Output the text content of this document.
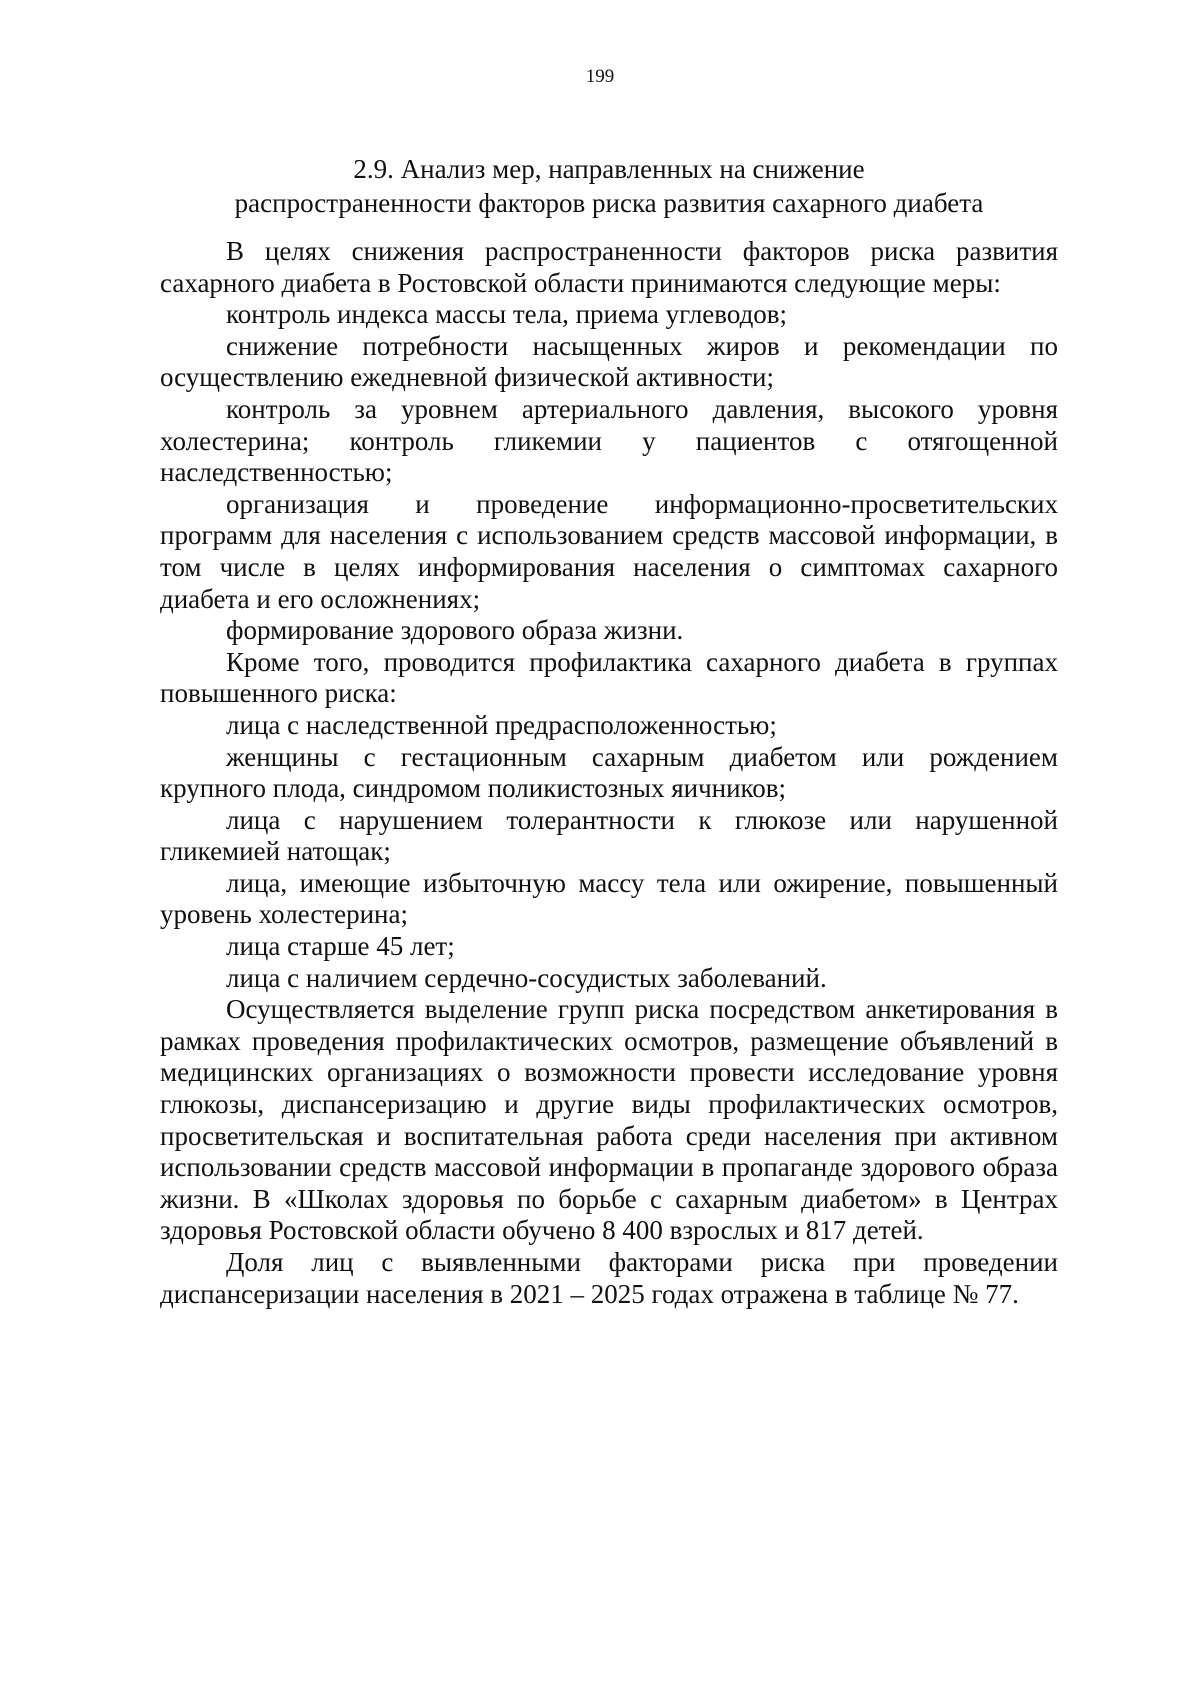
199
2.9. Анализ мер, направленных на снижение
распространенности факторов риска развития сахарного диабета

В целях снижения распространенности факторов риска развития сахарного диабета в Ростовской области принимаются следующие меры:

контроль индекса массы тела, приема углеводов;

снижение потребности насыщенных жиров и рекомендации по осуществлению ежедневной физической активности;

контроль за уровнем артериального давления, высокого уровня холестерина; контроль гликемии у пациентов с отягощенной наследственностью;

организация и проведение информационно-просветительских программ для населения с использованием средств массовой информации, в том числе в целях информирования населения о симптомах сахарного диабета и его осложнениях;

формирование здорового образа жизни.

Кроме того, проводится профилактика сахарного диабета в группах повышенного риска:

лица с наследственной предрасположенностью;

женщины с гестационным сахарным диабетом или рождением крупного плода, синдромом поликистозных яичников;

лица с нарушением толерантности к глюкозе или нарушенной гликемией натощак;

лица, имеющие избыточную массу тела или ожирение, повышенный уровень холестерина;

лица старше 45 лет;

лица с наличием сердечно-сосудистых заболеваний.

Осуществляется выделение групп риска посредством анкетирования в рамках проведения профилактических осмотров, размещение объявлений в медицинских организациях о возможности провести исследование уровня глюкозы, диспансеризацию и другие виды профилактических осмотров, просветительская и воспитательная работа среди населения при активном использовании средств массовой информации в пропаганде здорового образа жизни. В «Школах здоровья по борьбе с сахарным диабетом» в Центрах здоровья Ростовской области обучено 8 400 взрослых и 817 детей.

Доля лиц с выявленными факторами риска при проведении диспансеризации населения в 2021 – 2025 годах отражена в таблице № 77.
